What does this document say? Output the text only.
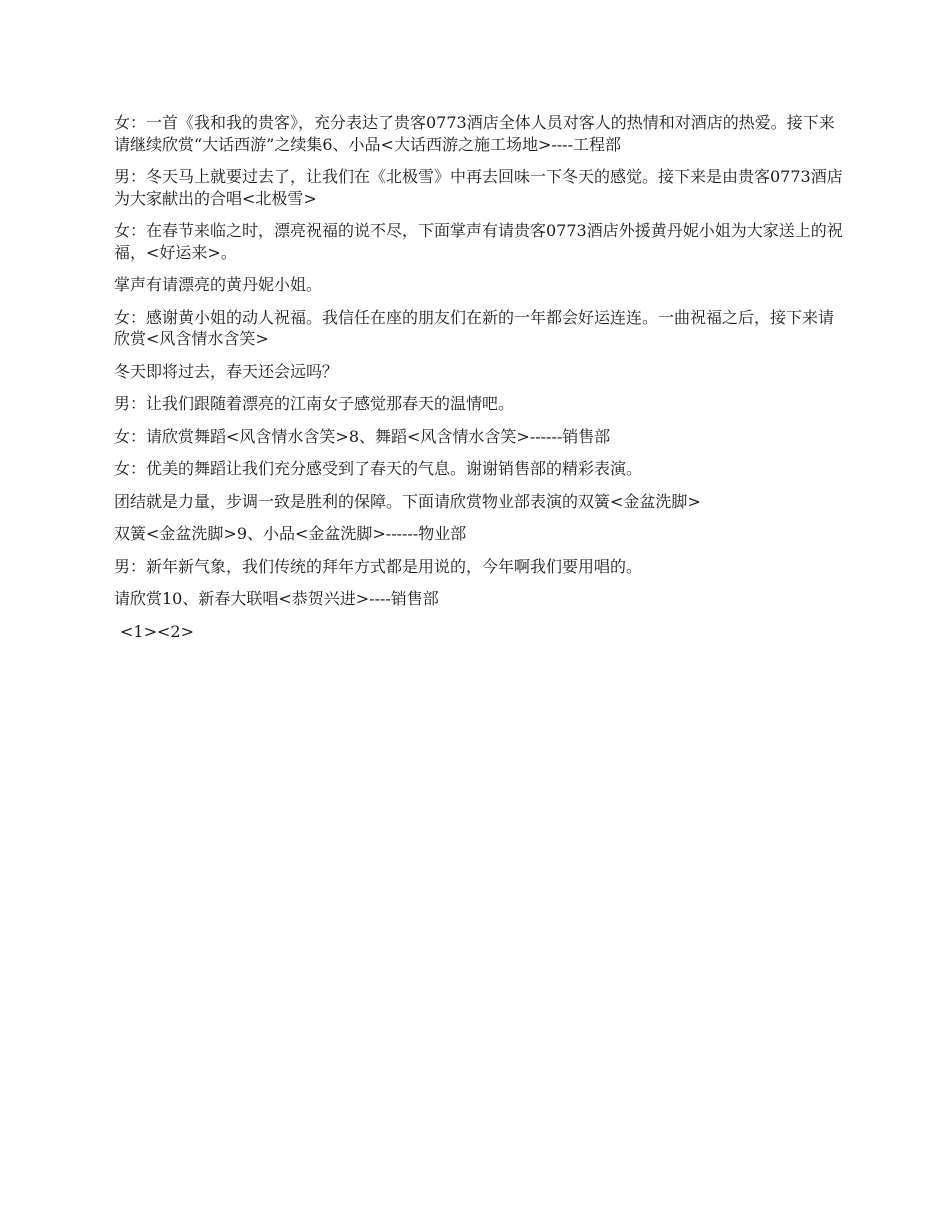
女：一首《我和我的贵客》，充分表达了贵客0773酒店全体人员对客人的热情和对酒店的热爱。接下来请继续欣赏“大话西游”之续集6、小品<大话西游之施工场地>----工程部

男：冬天马上就要过去了，让我们在《北极雪》中再去回味一下冬天的感觉。接下来是由贵客0773酒店为大家献出的合唱<北极雪>

女：在春节来临之时，漂亮祝福的说不尽，下面掌声有请贵客0773酒店外援黄丹妮小姐为大家送上的祝福，<好运来>。

掌声有请漂亮的黄丹妮小姐。

女：感谢黄小姐的动人祝福。我信任在座的朋友们在新的一年都会好运连连。一曲祝福之后，接下来请欣赏<风含情水含笑>

冬天即将过去，春天还会远吗？

男：让我们跟随着漂亮的江南女子感觉那春天的温情吧。

女：请欣赏舞蹈<风含情水含笑>8、舞蹈<风含情水含笑>------销售部

女：优美的舞蹈让我们充分感受到了春天的气息。谢谢销售部的精彩表演。

团结就是力量，步调一致是胜利的保障。下面请欣赏物业部表演的双簧<金盆洗脚>

双簧<金盆洗脚>9、小品<金盆洗脚>------物业部

男：新年新气象，我们传统的拜年方式都是用说的，今年啊我们要用唱的。

请欣赏10、新春大联唱<恭贺兴进>----销售部

<1><2>
